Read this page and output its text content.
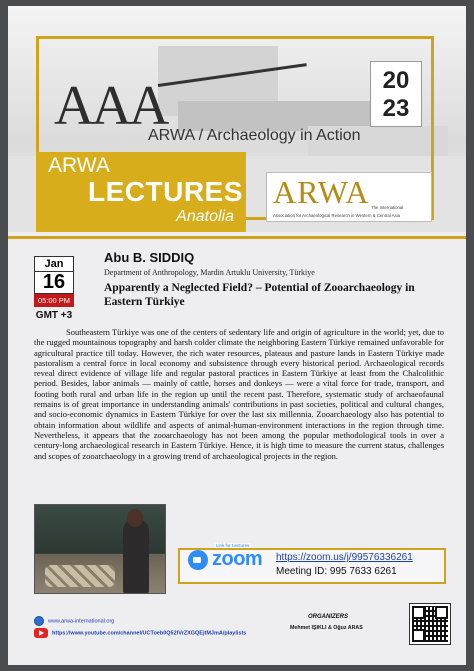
20
23
AAA
ARWA / Archaeology in Action
ARWA
LECTURES
Anatolia
ARWA The International
Association for Archaeological Research in Western & Central Asia
Jan
16
05:00 PM
GMT +3
Abu B. SIDDIQ
Department of Anthropology, Mardin Artuklu University, Türkiye
Apparently a Neglected Field? – Potential of Zooarchaeology in Eastern Türkiye

Southeastern Türkiye was one of the centers of sedentary life and origin of agriculture in the world; yet, due to the rugged mountainous topography and harsh colder climate the neighboring Eastern Türkiye remained unfavorable for agricultural practice till today. However, the rich water resources, plateaus and pasture lands in Eastern Türkiye made pastoralism a central force in local economy and subsistence through every historical period. Archaeological records reveal direct evidence of village life and regular pastoral practices in Eastern Türkiye at least from the Chalcolithic period. Besides, labor animals — mainly of cattle, horses and donkeys — were a vital force for trade, transport, and footing both rural and urban life in the region up until the recent past. Therefore, systematic study of archaeofaunal remains is of great importance in understanding animals' contributions in past societies, political and cultural changes, and socio-economic dynamics in Eastern Türkiye for over the last six millennia. Zooarchaeology also has potential to obtain information about wildlife and aspects of animal-human-environment interactions in the region through time. Nevertheless, it appears that the zooarchaeology has not been among the popular methodological tools in over a century-long archaeological research in Eastern Türkiye. Hence, it is high time to measure the current status, challenges and scopes of zooarchaeology in a growing trend of archaeological projects in the region.

Link for Lectures
zoom https://zoom.us/j/99576336261
Meeting ID: 995 7633 6261
www.arwa-international.org
https://www.youtube.com/channel/UCToeb0Q52IVrZXGQEjtMJmA/playlists
ORGANIZERS
Mehmet IŞIKLI & Oğuz ARAS
